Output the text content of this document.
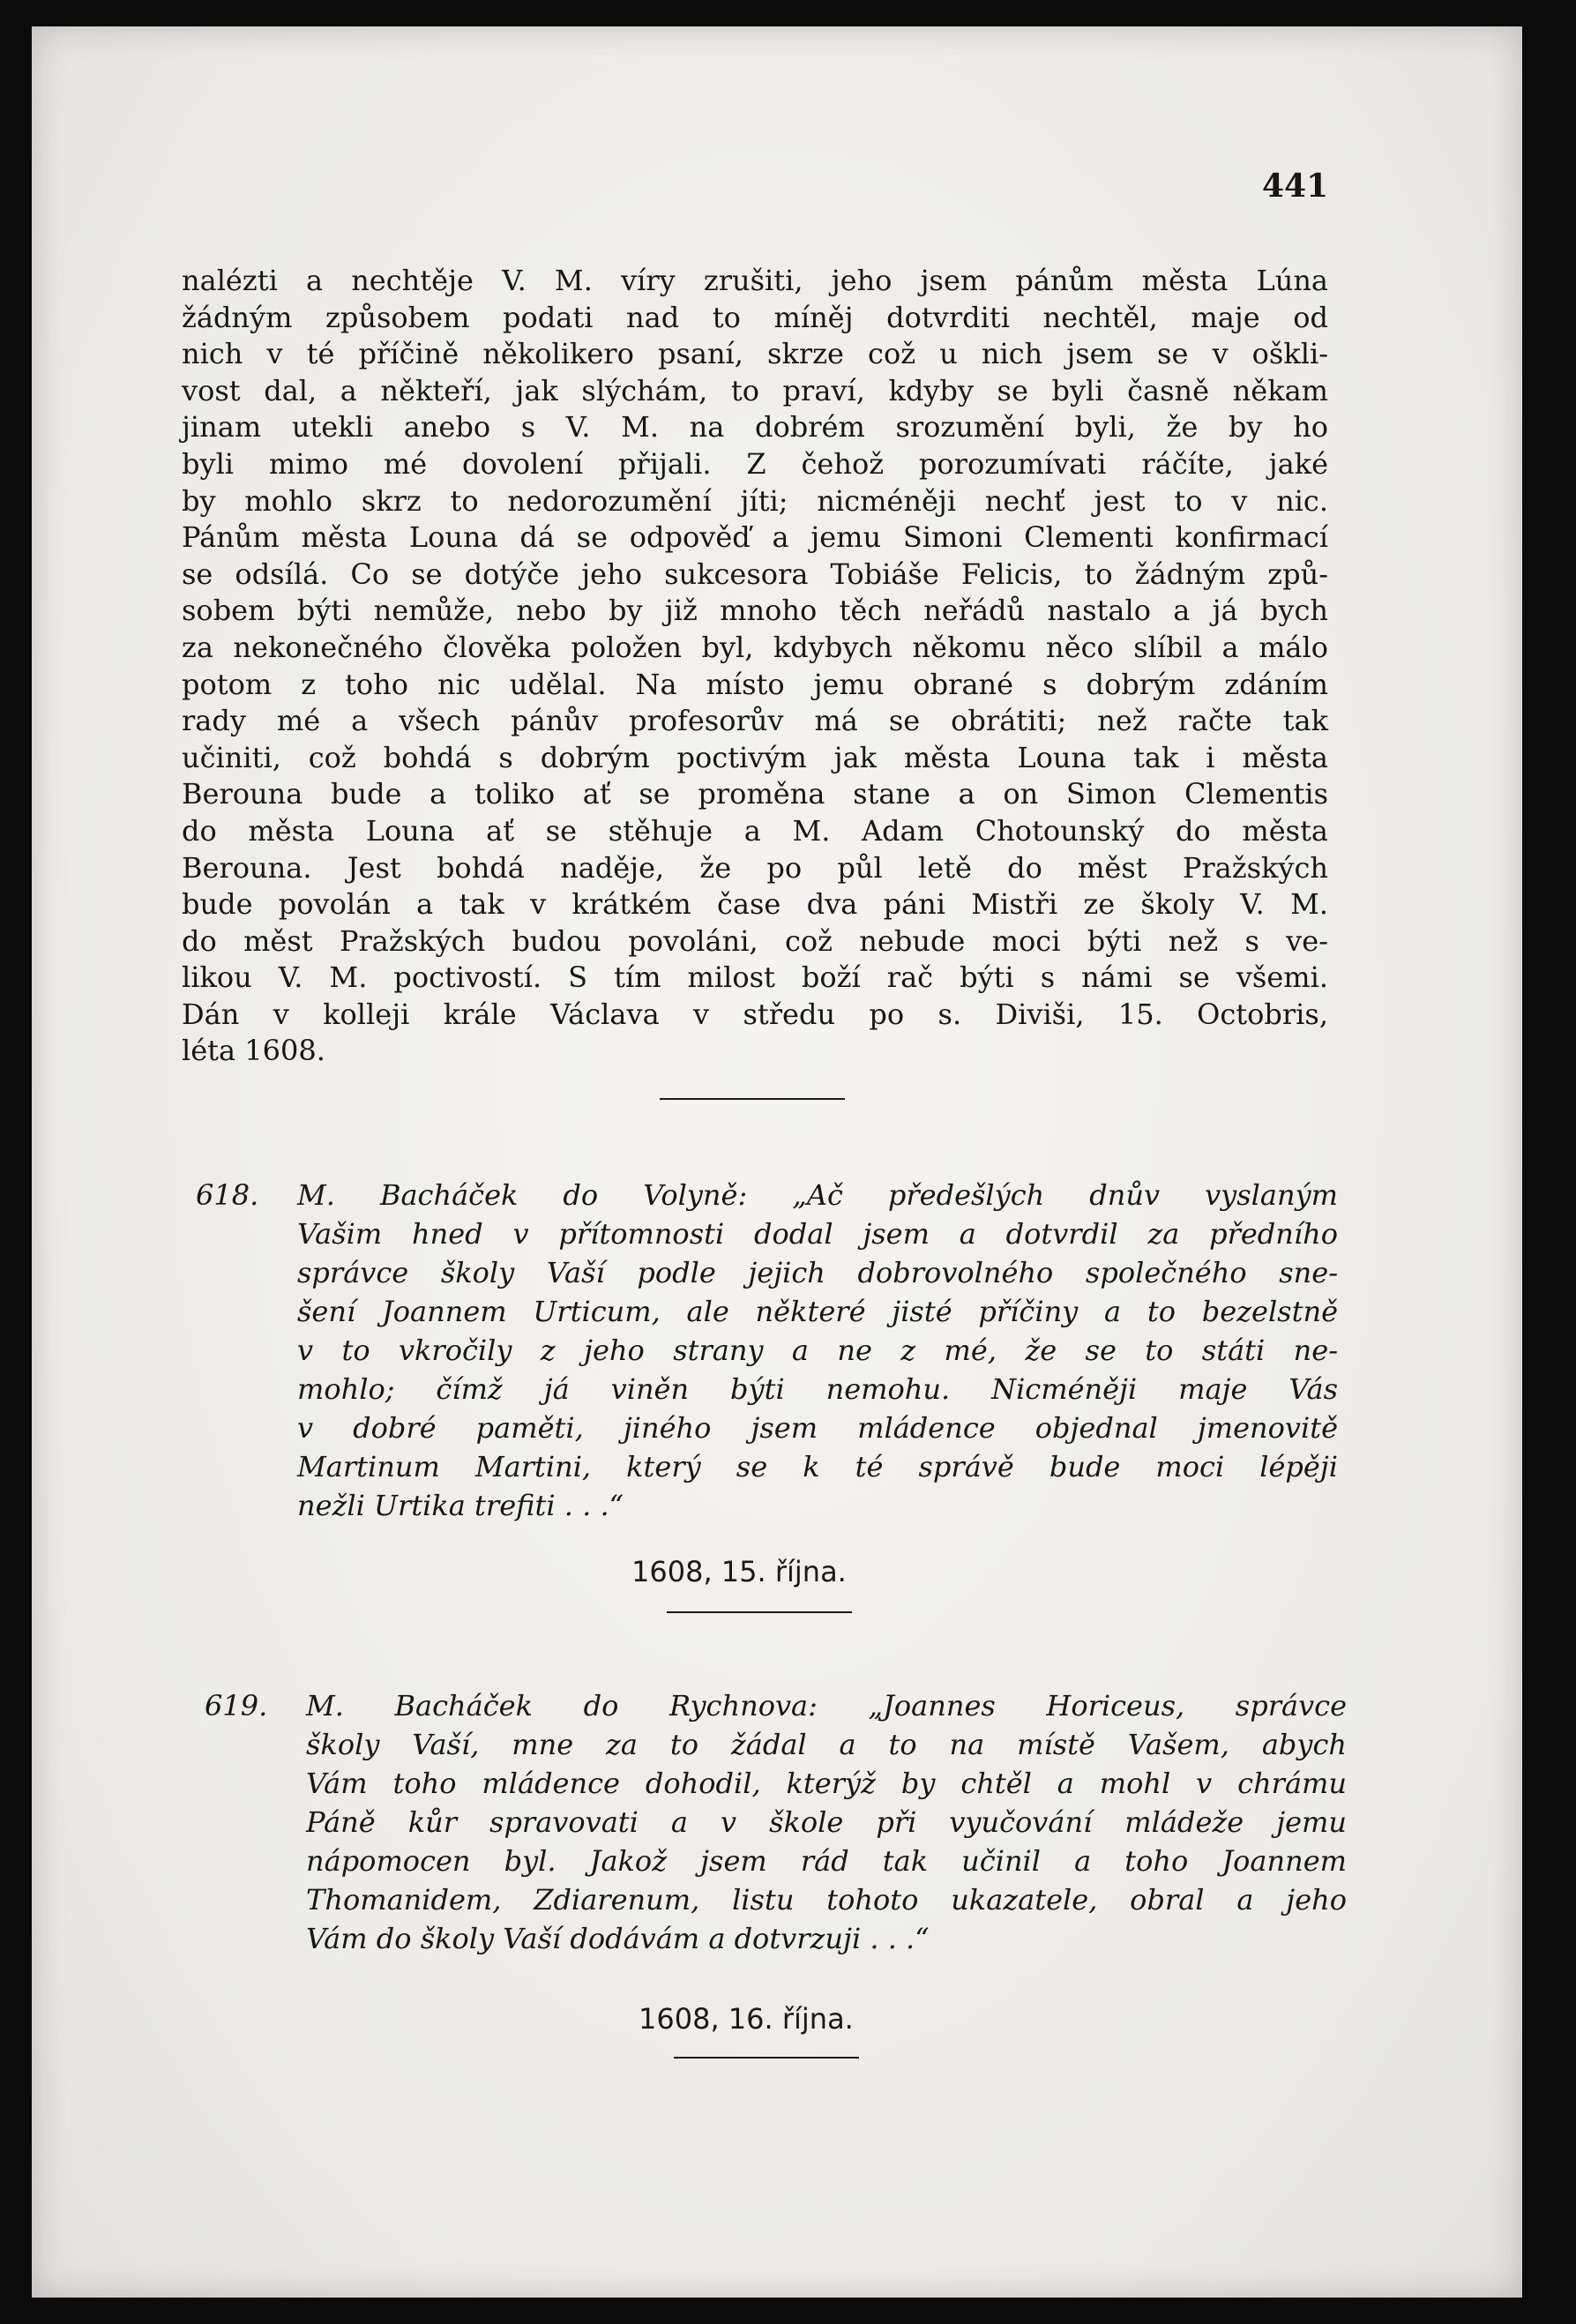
441
nalézti a nechtěje V. M. víry zrušiti, jeho jsem pánům města Lúna
žádným způsobem podati nad to míněj dotvrditi nechtěl, maje od
nich v té příčině několikero psaní, skrze což u nich jsem se v oškli-
vost dal, a někteří, jak slýchám, to praví, kdyby se byli časně někam
jinam utekli anebo s V. M. na dobrém srozumění byli, že by ho
byli mimo mé dovolení přijali. Z čehož porozumívati ráčíte, jaké
by mohlo skrz to nedorozumění jíti; nicméněji nechť jest to v nic.
Pánům města Louna dá se odpověď a jemu Simoni Clementi konfirmací
se odsílá. Co se dotýče jeho sukcesora Tobiáše Felicis, to žádným způ-
sobem býti nemůže, nebo by již mnoho těch neřádů nastalo a já bych
za nekonečného člověka položen byl, kdybych někomu něco slíbil a málo
potom z toho nic udělal. Na místo jemu obrané s dobrým zdáním
rady mé a všech pánův profesorův má se obrátiti; než račte tak
učiniti, což bohdá s dobrým poctivým jak města Louna tak i města
Berouna bude a toliko ať se proměna stane a on Simon Clementis
do města Louna ať se stěhuje a M. Adam Chotounský do města
Berouna. Jest bohdá naděje, že po půl letě do měst Pražských
bude povolán a tak v krátkém čase dva páni Mistři ze školy V. M.
do měst Pražských budou povoláni, což nebude moci býti než s ve-
likou V. M. poctivostí. S tím milost boží rač býti s námi se všemi.
Dán v kolleji krále Václava v středu po s. Diviši, 15. Octobris,
léta 1608.
618. M. Bacháček do Volyně: „Ač předešlých dnův vyslaným
Vašim hned v přítomnosti dodal jsem a dotvrdil za předního
správce školy Vaší podle jejich dobrovolného společného sne-
šení Joannem Urticum, ale některé jisté příčiny a to bezelstně
v to vkročily z jeho strany a ne z mé, že se to státi ne-
mohlo; čímž já viněn býti nemohu. Nicméněji maje Vás
v dobré paměti, jiného jsem mládence objednal jmenovitě
Martinum Martini, který se k té správě bude moci lépěji
nežli Urtika trefiti . . .“
1608, 15. října.
619. M. Bacháček do Rychnova: „Joannes Horiceus, správce
školy Vaší, mne za to žádal a to na místě Vašem, abych
Vám toho mládence dohodil, kterýž by chtěl a mohl v chrámu
Páně kůr spravovati a v škole při vyučování mládeže jemu
nápomocen byl. Jakož jsem rád tak učinil a toho Joannem
Thomanidem, Zdiarenum, listu tohoto ukazatele, obral a jeho
Vám do školy Vaší dodávám a dotvrzuji . . .“
1608, 16. října.
